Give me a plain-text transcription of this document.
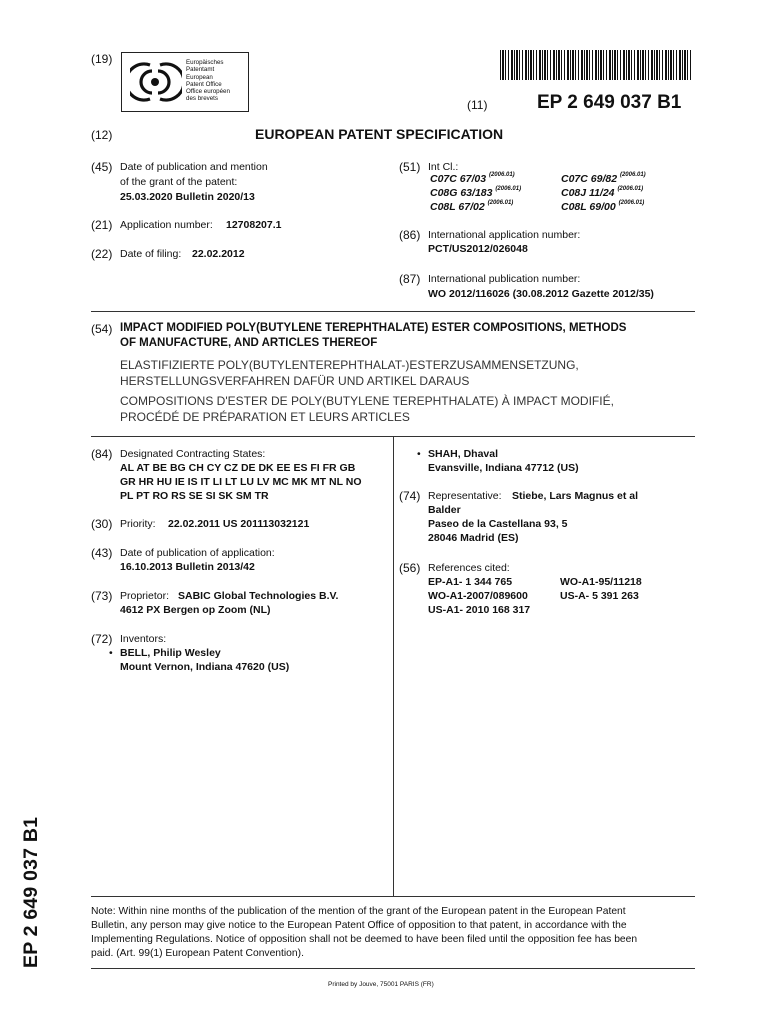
(19)	Europäisches
Patentamt
European
Patent Office
Office européen
des brevets	(11)	EP 2 649 037 B1
(12)	EUROPEAN PATENT SPECIFICATION
(45) Date of publication and mention
of the grant of the patent:
25.03.2020 Bulletin 2020/13
(21) Application number: 12708207.1
(22) Date of filing: 22.02.2012
(51) Int Cl.:
C07C 67/03 $^{(2006.01)}$	C07C 69/82 $^{(2006.01)}$
C08G 63/183 $^{(2006.01)}$	C08J 11/24 $^{(2006.01)}$
C08L 67/02 $^{(2006.01)}$	C08L 69/00 $^{(2006.01)}$
(86) International application number:
PCT/US2012/026048
(87) International publication number:
WO 2012/116026 (30.08.2012 Gazette 2012/35)
(54) IMPACT MODIFIED POLY(BUTYLENE TEREPHTHALATE) ESTER COMPOSITIONS, METHODS
OF MANUFACTURE, AND ARTICLES THEREOF
ELASTIFIZIERTE POLY(BUTYLENTEREPHTHALAT-)ESTERZUSAMMENSETZUNG,
HERSTELLUNGSVERFAHREN DAFÜR UND ARTIKEL DARAUS
COMPOSITIONS D'ESTER DE POLY(BUTYLENE TEREPHTHALATE) À IMPACT MODIFIÉ,
PROCÉDÉ DE PRÉPARATION ET LEURS ARTICLES
(84) Designated Contracting States:
AL AT BE BG CH CY CZ DE DK EE ES FI FR GB
GR HR HU IE IS IT LI LT LU LV MC MK MT NL NO
PL PT RO RS SE SI SK SM TR
(30) Priority: 22.02.2011 US 201113032121
(43) Date of publication of application:
16.10.2013 Bulletin 2013/42
(73) Proprietor: SABIC Global Technologies B.V.
4612 PX Bergen op Zoom (NL)
(72) Inventors:
• BELL, Philip Wesley
Mount Vernon, Indiana 47620 (US)
• SHAH, Dhaval
Evansville, Indiana 47712 (US)
(74) Representative: Stiebe, Lars Magnus et al
Balder
Paseo de la Castellana 93, 5
28046 Madrid (ES)
(56) References cited:
EP-A1- 1 344 765	WO-A1-95/11218
WO-A1-2007/089600	US-A- 5 391 263
US-A1- 2010 168 317
Note: Within nine months of the publication of the mention of the grant of the European patent in the European Patent
Bulletin, any person may give notice to the European Patent Office of opposition to that patent, in accordance with the
Implementing Regulations. Notice of opposition shall not be deemed to have been filed until the opposition fee has been
paid. (Art. 99(1) European Patent Convention).
EP 2 649 037 B1
Printed by Jouve, 75001 PARIS (FR)
